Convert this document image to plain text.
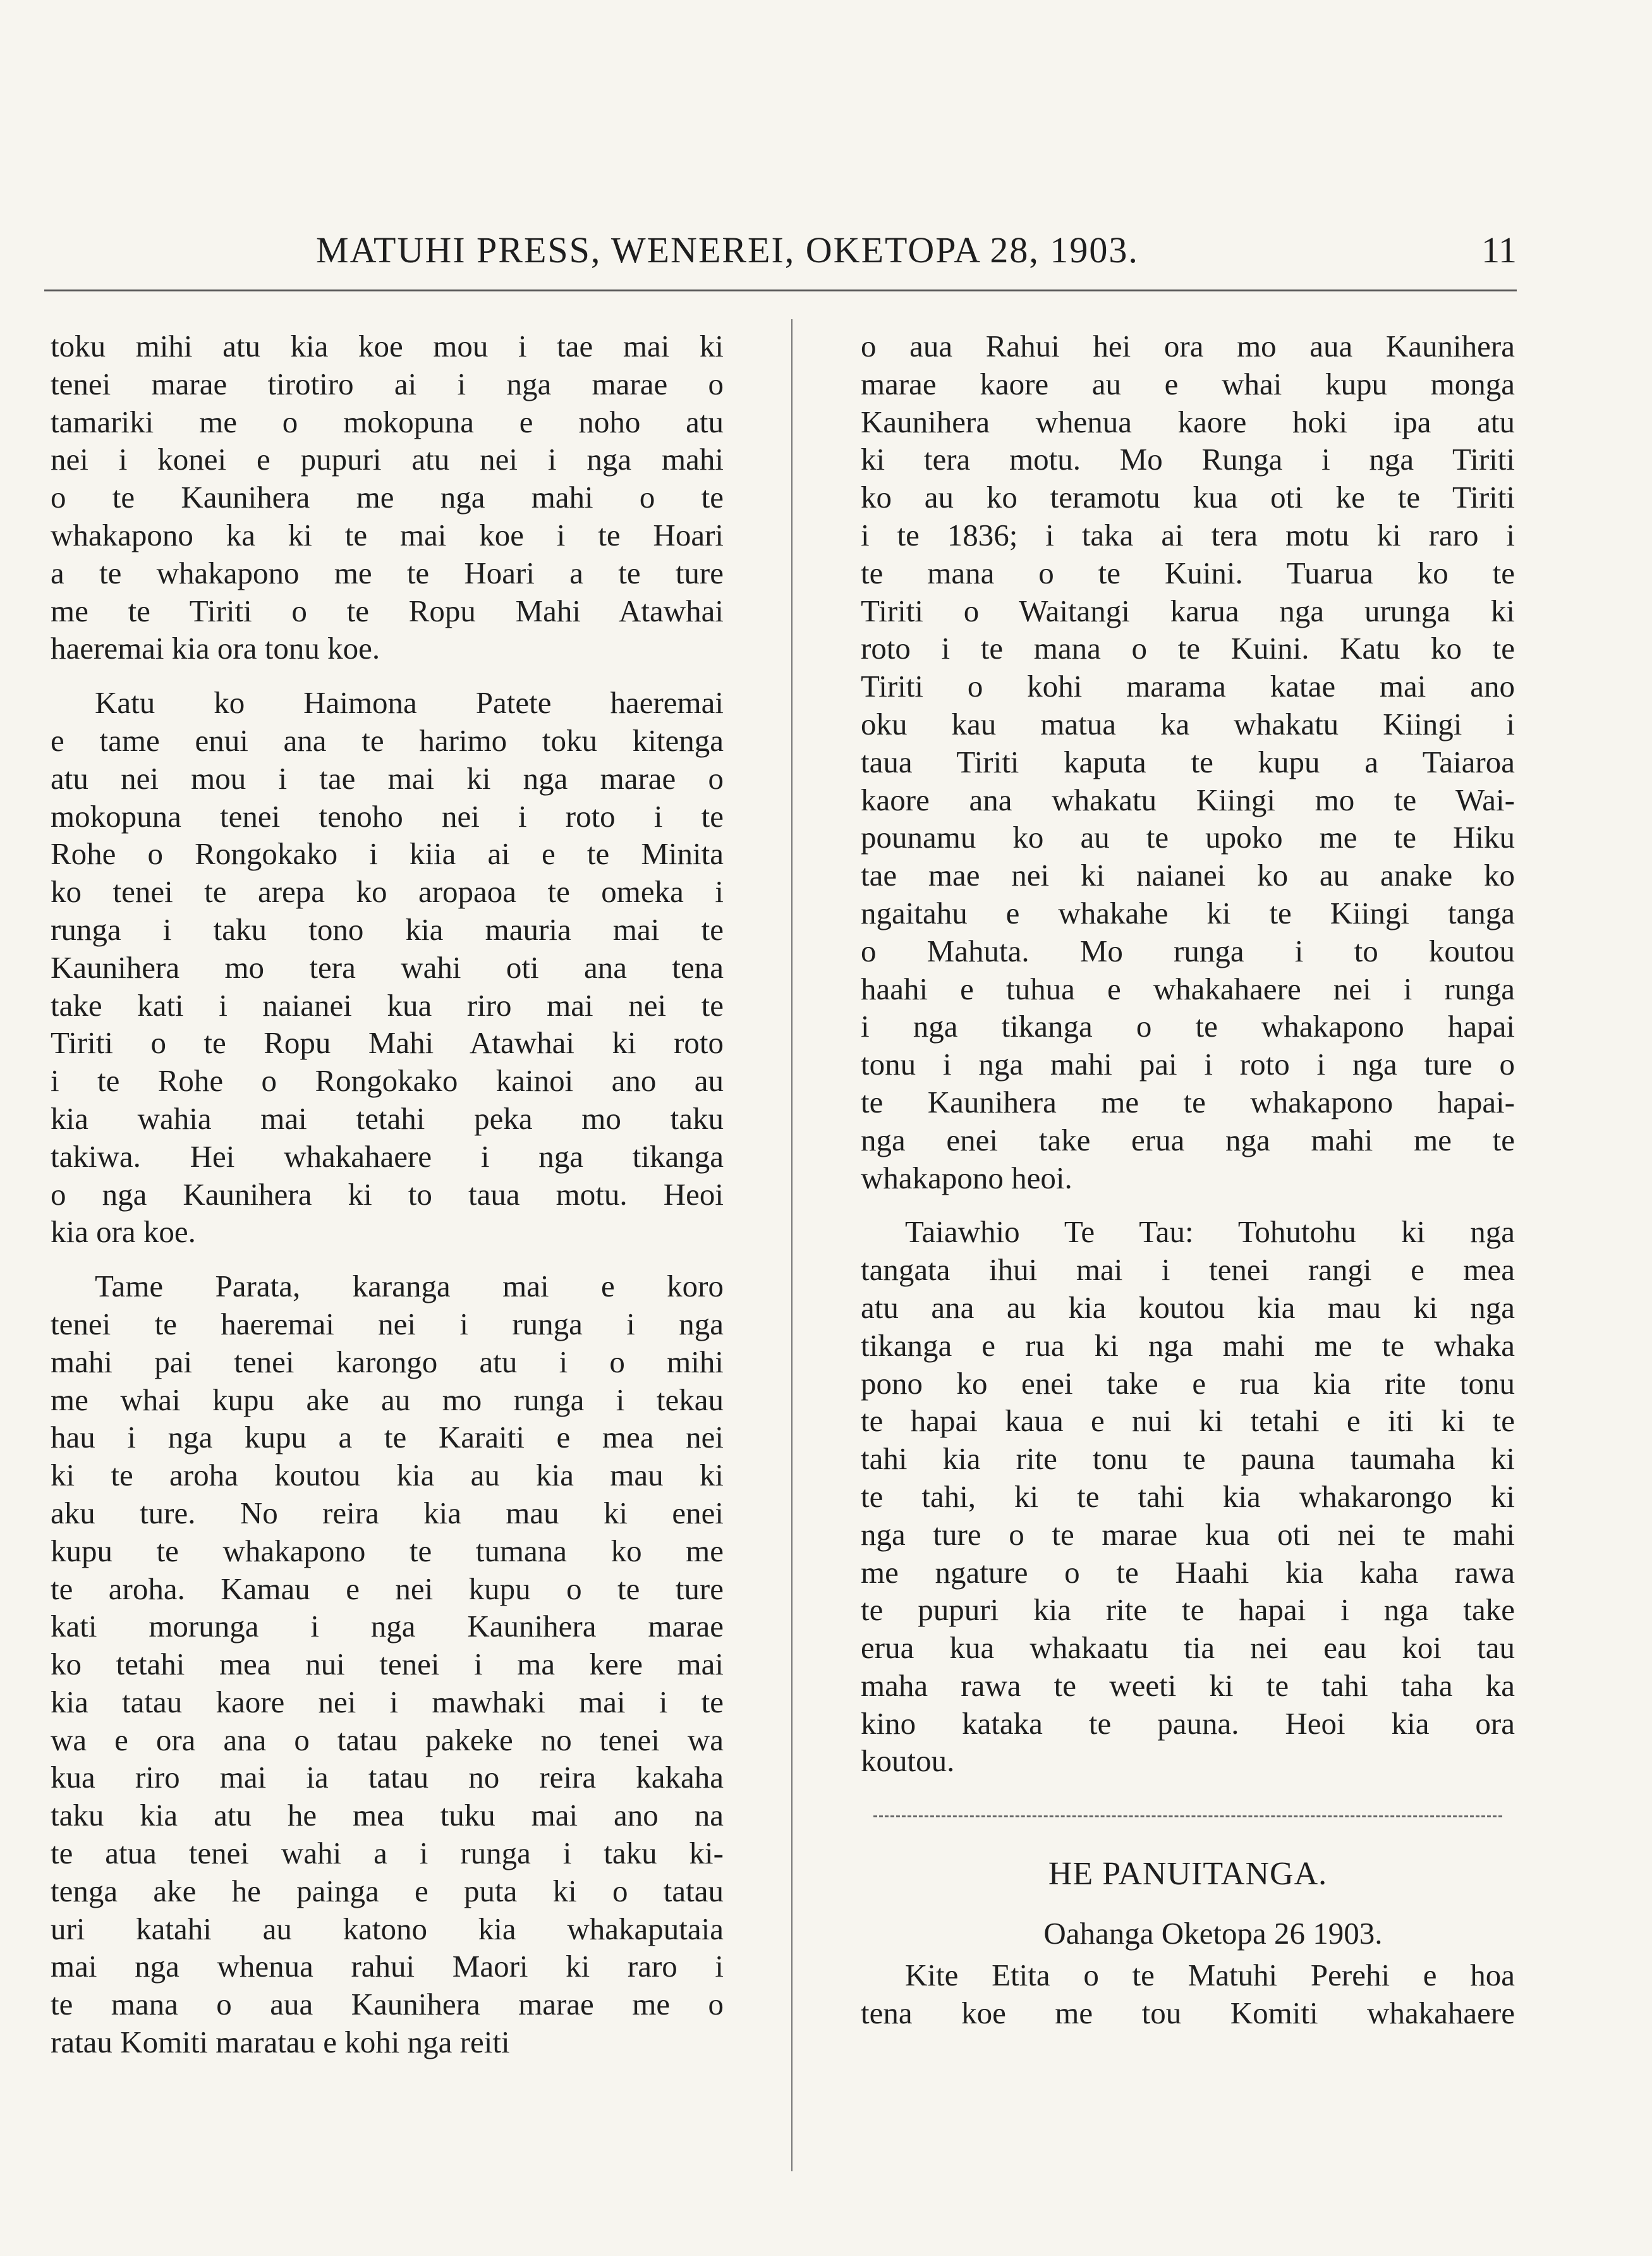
MATUHI PRESS, WENEREI, OKETOPA 28, 1903.	11
toku mihi atu kia koe mou i tae mai ki
tenei marae tirotiro ai i nga marae o
tamariki me o mokopuna e noho atu
nei i konei e pupuri atu nei i nga mahi
o te Kaunihera me nga mahi o te
whakapono ka ki te mai koe i te Hoari
a te whakapono me te Hoari a te ture
me te Tiriti o te Ropu Mahi Atawhai
haeremai kia ora tonu koe.
Katu ko Haimona Patete haeremai
e tame enui ana te harimo toku kitenga
atu nei mou i tae mai ki nga marae o
mokopuna tenei tenoho nei i roto i te
Rohe o Rongokako i kiia ai e te Minita
ko tenei te arepa ko aropaoa te omeka i
runga i taku tono kia mauria mai te
Kaunihera mo tera wahi oti ana tena
take kati i naianei kua riro mai nei te
Tiriti o te Ropu Mahi Atawhai ki roto
i te Rohe o Rongokako kainoi ano au
kia wahia mai tetahi peka mo taku
takiwa. Hei whakahaere i nga tikanga
o nga Kaunihera ki to taua motu. Heoi
kia ora koe.
Tame Parata, karanga mai e koro
tenei te haeremai nei i runga i nga
mahi pai tenei karongo atu i o mihi
me whai kupu ake au mo runga i tekau
hau i nga kupu a te Karaiti e mea nei
ki te aroha koutou kia au kia mau ki
aku ture. No reira kia mau ki enei
kupu te whakapono te tumana ko me
te aroha. Kamau e nei kupu o te ture
kati morunga i nga Kaunihera marae
ko tetahi mea nui tenei i ma kere mai
kia tatau kaore nei i mawhaki mai i te
wa e ora ana o tatau pakeke no tenei wa
kua riro mai ia tatau no reira kakaha
taku kia atu he mea tuku mai ano na
te atua tenei wahi a i runga i taku ki-
tenga ake he painga e puta ki o tatau
uri katahi au katono kia whakaputaia
mai nga whenua rahui Maori ki raro i
te mana o aua Kaunihera marae me o
ratau Komiti maratau e kohi nga reiti
o aua Rahui hei ora mo aua Kaunihera
marae kaore au e whai kupu monga
Kaunihera whenua kaore hoki ipa atu
ki tera motu. Mo Runga i nga Tiriti
ko au ko teramotu kua oti ke te Tiriti
i te 1836; i taka ai tera motu ki raro i
te mana o te Kuini. Tuarua ko te
Tiriti o Waitangi karua nga urunga ki
roto i te mana o te Kuini. Katu ko te
Tiriti o kohi marama katae mai ano
oku kau matua ka whakatu Kiingi i
taua Tiriti kaputa te kupu a Taiaroa
kaore ana whakatu Kiingi mo te Wai-
pounamu ko au te upoko me te Hiku
tae mae nei ki naianei ko au anake ko
ngaitahu e whakahe ki te Kiingi tanga
o Mahuta. Mo runga i to koutou
haahi e tuhua e whakahaere nei i runga
i nga tikanga o te whakapono hapai
tonu i nga mahi pai i roto i nga ture o
te Kaunihera me te whakapono hapai-
nga enei take erua nga mahi me te
whakapono heoi.
Taiawhio Te Tau: Tohutohu ki nga
tangata ihui mai i tenei rangi e mea
atu ana au kia koutou kia mau ki nga
tikanga e rua ki nga mahi me te whaka
pono ko enei take e rua kia rite tonu
te hapai kaua e nui ki tetahi e iti ki te
tahi kia rite tonu te pauna taumaha ki
te tahi, ki te tahi kia whakarongo ki
nga ture o te marae kua oti nei te mahi
me ngature o te Haahi kia kaha rawa
te pupuri kia rite te hapai i nga take
erua kua whakaatu tia nei eau koi tau
maha rawa te weeti ki te tahi taha ka
kino kataka te pauna. Heoi kia ora
koutou.
HE PANUITANGA.
Oahanga Oketopa 26 1903.
Kite Etita o te Matuhi Perehi e hoa
tena koe me tou Komiti whakahaere
